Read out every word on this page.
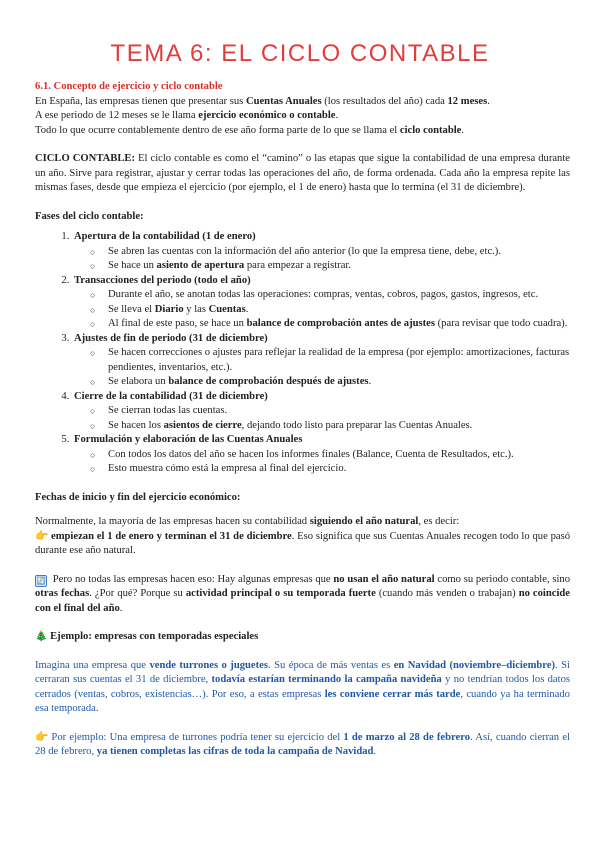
TEMA 6: EL CICLO CONTABLE

6.1. Concepto de ejercicio y ciclo contable

En España, las empresas tienen que presentar sus Cuentas Anuales (los resultados del año) cada 12 meses.

A ese periodo de 12 meses se le llama ejercicio económico o contable.

Todo lo que ocurre contablemente dentro de ese año forma parte de lo que se llama el ciclo contable.

CICLO CONTABLE: El ciclo contable es como el “camino” o las etapas que sigue la contabilidad de una empresa durante un año. Sirve para registrar, ajustar y cerrar todas las operaciones del año, de forma ordenada. Cada año la empresa repite las mismas fases, desde que empieza el ejercicio (por ejemplo, el 1 de enero) hasta que lo termina (el 31 de diciembre).

Fases del ciclo contable:

1. Apertura de la contabilidad (1 de enero)
○ Se abren las cuentas con la información del año anterior (lo que la empresa tiene, debe, etc.).
○ Se hace un asiento de apertura para empezar a registrar.
2. Transacciones del periodo (todo el año)
○ Durante el año, se anotan todas las operaciones: compras, ventas, cobros, pagos, gastos, ingresos, etc.
○ Se lleva el Diario y las Cuentas.
○ Al final de este paso, se hace un balance de comprobación antes de ajustes (para revisar que todo cuadra).
3. Ajustes de fin de periodo (31 de diciembre)
○ Se hacen correcciones o ajustes para reflejar la realidad de la empresa (por ejemplo: amortizaciones, facturas pendientes, inventarios, etc.).
○ Se elabora un balance de comprobación después de ajustes.
4. Cierre de la contabilidad (31 de diciembre)
○ Se cierran todas las cuentas.
○ Se hacen los asientos de cierre, dejando todo listo para preparar las Cuentas Anuales.
5. Formulación y elaboración de las Cuentas Anuales
○ Con todos los datos del año se hacen los informes finales (Balance, Cuenta de Resultados, etc.).
○ Esto muestra cómo está la empresa al final del ejercicio.

Fechas de inicio y fin del ejercicio económico:

Normalmente, la mayoría de las empresas hacen su contabilidad siguiendo el año natural, es decir:

👉 empiezan el 1 de enero y terminan el 31 de diciembre. Eso significa que sus Cuentas Anuales recogen todo lo que pasó durante ese año natural.

🔄 Pero no todas las empresas hacen eso: Hay algunas empresas que no usan el año natural como su periodo contable, sino otras fechas. ¿Por qué? Porque su actividad principal o su temporada fuerte (cuando más venden o trabajan) no coincide con el final del año.

🎄 Ejemplo: empresas con temporadas especiales

Imagina una empresa que vende turrones o juguetes. Su época de más ventas es en Navidad (noviembre–diciembre). Si cerraran sus cuentas el 31 de diciembre, todavía estarían terminando la campaña navideña y no tendrían todos los datos cerrados (ventas, cobros, existencias…). Por eso, a estas empresas les conviene cerrar más tarde, cuando ya ha terminado esa temporada.

👉 Por ejemplo: Una empresa de turrones podría tener su ejercicio del 1 de marzo al 28 de febrero. Así, cuando cierran el 28 de febrero, ya tienen completas las cifras de toda la campaña de Navidad.
